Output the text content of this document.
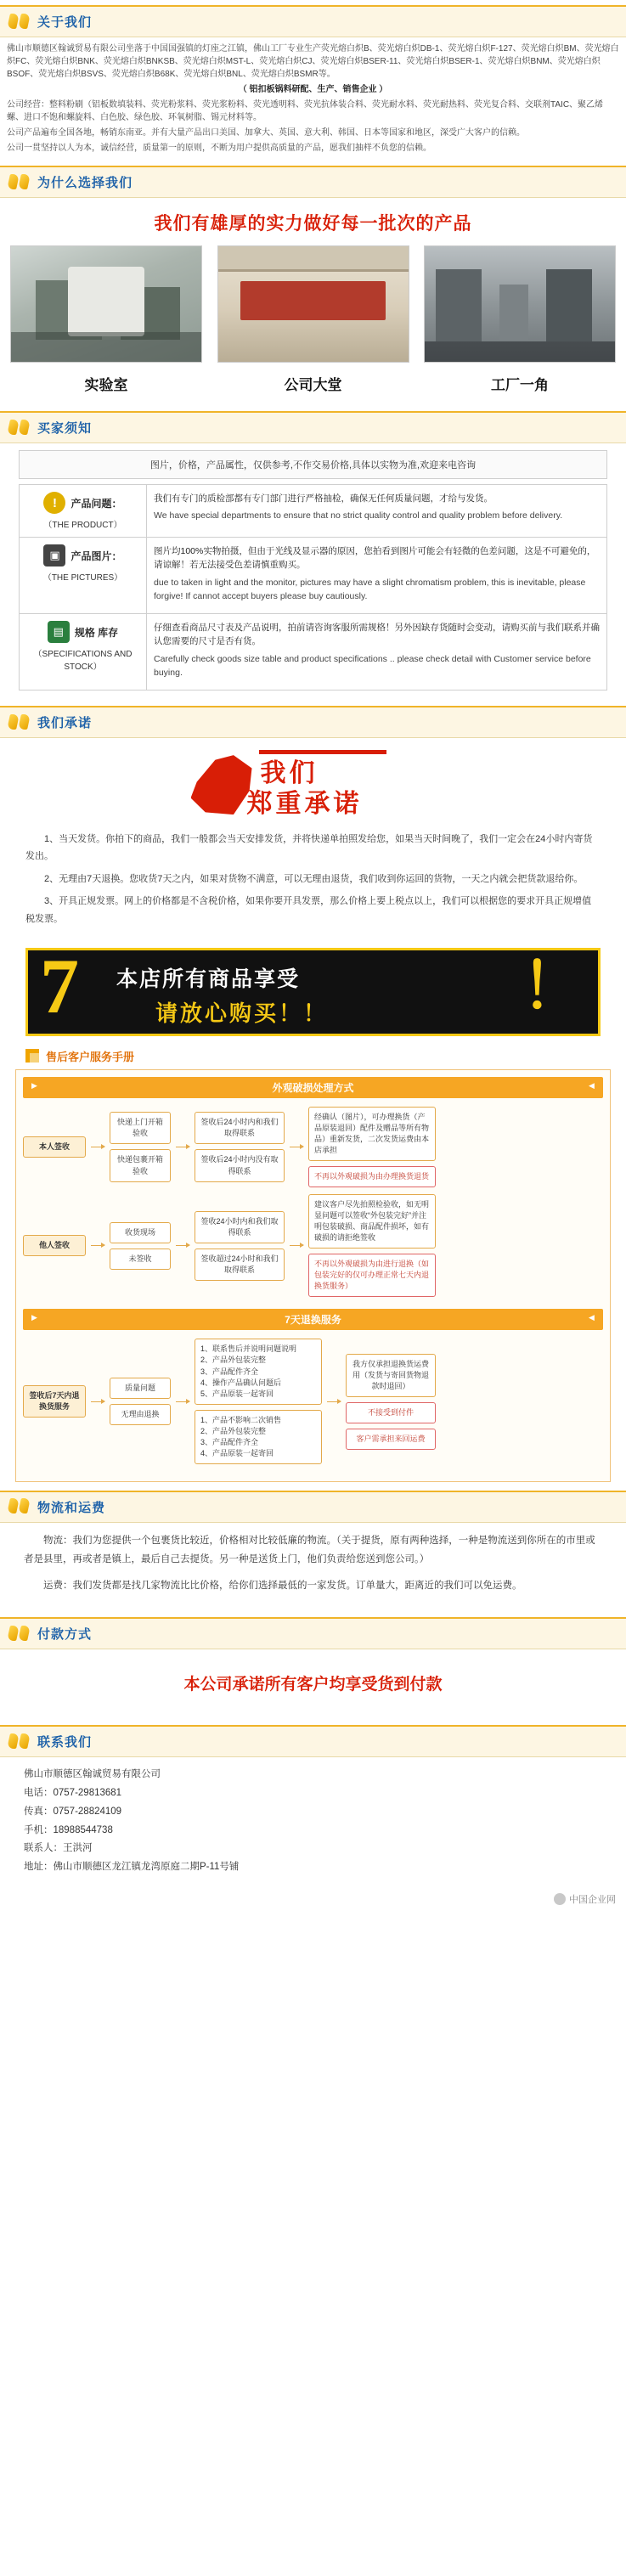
关于我们

佛山市顺德区翰诚贸易有限公司坐落于中国国强镇的灯座之江镇，佛山工厂专业生产荧光熔白炽B、荧光熔白炽DB-1、荧光熔白炽F-127、荧光熔白炽BM、荧光熔白炽FC、荧光熔白炽BNK、荧光熔白炽BNKSB、荧光熔白炽MST-L、荧光熔白炽CJ、荧光熔白炽BSER-11、荧光熔白炽BSER-1、荧光熔白炽BNM、荧光熔白炽BSOF、荧光熔白炽BSVS、荧光熔白炽B68K、荧光熔白炽BNL、荧光熔白炽BSMR等。

（ 铝扣板锅料研配、生产、销售企业 ）

公司经营：整料粉刷（铝板数填装料、荧光粉浆料、荧光浆粉料、荧光透明料、荧光抗体装合料、荧光耐水料、荧光耐热料、荧光复合料、交联剂TAIC、聚乙烯螺、进口不饱和螺旋料、白色胶、绿色胶、环氧树脂、锡元材料等。

公司产品遍布全国各地，畅销东南亚。并有大量产品出口美国、加拿大、英国、意大利、韩国、日本等国家和地区，深受广大客户的信赖。

公司一贯坚持以人为本，诚信经营，质量第一的原则，不断为用户提供高质量的产品，愿我们抽样不负您的信赖。

为什么选择我们
我们有雄厚的实力做好每一批次的产品
实验室	公司大堂	工厂一角
买家须知
图片，价格，产品属性，仅供参考,不作交易价格,具体以实物为准,欢迎来电咨询
!	产品问题：
（THE PRODUCT）

我们有专门的质检部都有专门部门进行严格抽检，确保无任何质量问题，才给与发货。

We have special departments to ensure that no strict quality control and quality problem before delivery.

▣	产品图片：
（THE PICTURES）

图片均100%实物拍摄，但由于光线及显示器的原因，您拍看到图片可能会有轻微的色差问题，这是不可避免的，请谅解！若无法接受色差请慎重购买。

due to taken in light and the monitor, pictures may have a slight chromatism problem, this is inevitable, please forgive! If cannot accept buyers please buy cautiously.

▤	规格 库存
（SPECIFICATIONS AND STOCK）

仔细查看商品尺寸表及产品说明，拍前请咨询客服所需规格！另外因缺存货随时会变动，请购买前与我们联系并确认您需要的尺寸是否有货。

Carefully check goods size table and product specifications .. please check detail with Customer service before buying.

我们承诺
我们
郑重承诺

1、当天发货。你拍下的商品，我们一般都会当天安排发货，并将快递单拍照发给您，如果当天时间晚了，我们一定会在24小时内寄货发出。

2、无理由7天退换。您收货7天之内，如果对货物不满意，可以无理由退货，我们收到你运回的货物，一天之内就会把货款退给你。

3、开具正规发票。网上的价格都是不含税价格，如果你要开具发票，那么价格上要上税点以上，我们可以根据您的要求开具正规增值税发票。

7 本店所有商品享受
请放心购买！！	！
售后客户服务手册
▶ 外观破损处理方式 ▶
本人签收
快递上门开箱验收
快递包裹开箱验收
签收后24小时内和我们取得联系
签收后24小时内没有取得联系
经确认（图片），可办理换货（产品原装退回）配件及赠品等所有物品）重新发货，二次发货运费由本店承担
不再以外观破损为由办理换货退货
他人签收
收货现场
未签收
签收24小时内和我们取得联系
签收超过24小时和我们取得联系
建议客户尽先拍照检验收，如无明显问题可以签收“外包装完好”并注明包装破损、商品配件损坏，如有破损的请拒绝签收
不再以外观破损为由进行退换（如包装完好的仅可办理正常七天内退换货服务）
▶ 7天退换服务 ▶
签收后7天内退换货服务
质量问题
无理由退换
1、联系售后并说明问题说明
2、产品外包装完整
3、产品配件齐全
4、操作产品确认问题后
5、产品原装一起寄回
1、产品不影响二次销售
2、产品外包装完整
3、产品配件齐全
4、产品原装一起寄回
我方仅承担退换货运费用（发货与寄回货物退款时退回）
不接受到付件
客户需承担来回运费
物流和运费

物流：我们为您提供一个包裹货比较近，价格相对比较低廉的物流。（关于提货，原有两种选择，一种是物流送到你所在的市里或者是县里，再或者是镇上，最后自己去提货。另一种是送货上门，他们负责给您送到您公司。）

运费：我们发货都是找几家物流比比价格，给你们选择最低的一家发货。订单量大，距离近的我们可以免运费。

付款方式
本公司承诺所有客户均享受货到付款
联系我们
佛山市顺德区翰诚贸易有限公司
电话：0757-29813681
传真：0757-28824109
手机：18988544738
联系人：王洪河
地址：佛山市顺德区龙江镇龙湾原庭二期P-11号铺
中国企业网
